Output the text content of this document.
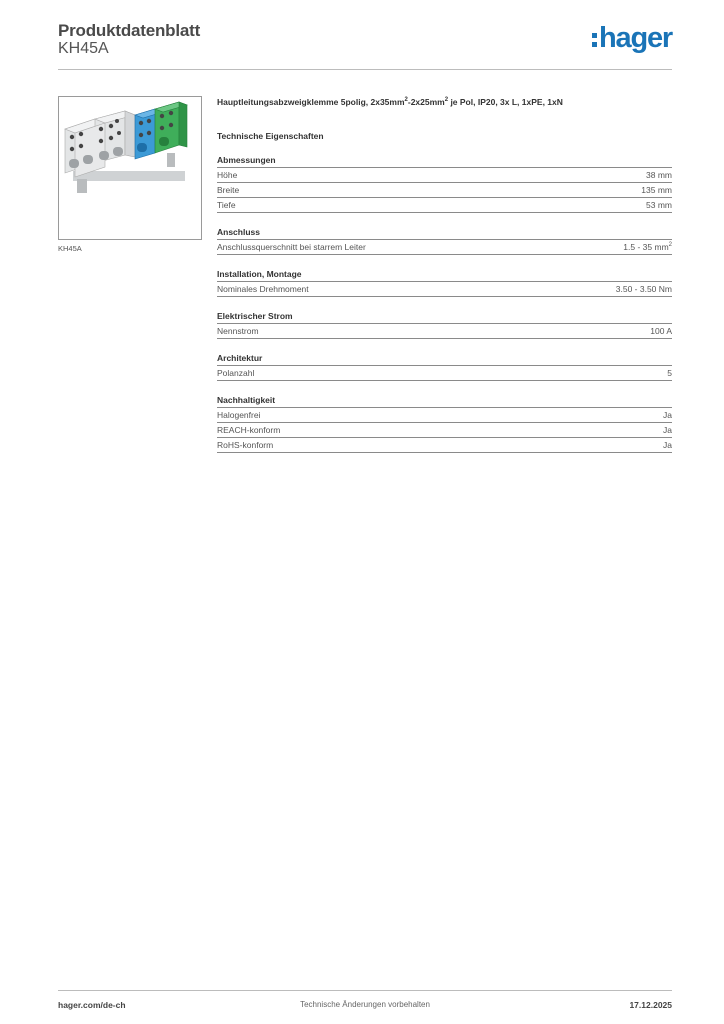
Produktdatenblatt
KH45A	hager
KH45A
Hauptleitungsabzweigklemme 5polig, $2x35mm^2-2x25mm^2$ je Pol, IP20, 3x L, 1xPE, 1xN
Technische Eigenschaften
Abmessungen
Höhe	38 mm
Breite	135 mm
Tiefe	53 mm
Anschluss
Anschlussquerschnitt bei starrem Leiter	1.5 - 35 $mm^2$
Installation, Montage
Nominales Drehmoment	3.50 - 3.50 Nm
Elektrischer Strom
Nennstrom	100 A
Architektur
Polanzahl	5
Nachhaltigkeit
Halogenfrei	Ja
REACH-konform	Ja
RoHS-konform	Ja
hager.com/de-ch	Technische Änderungen vorbehalten	17.12.2025
